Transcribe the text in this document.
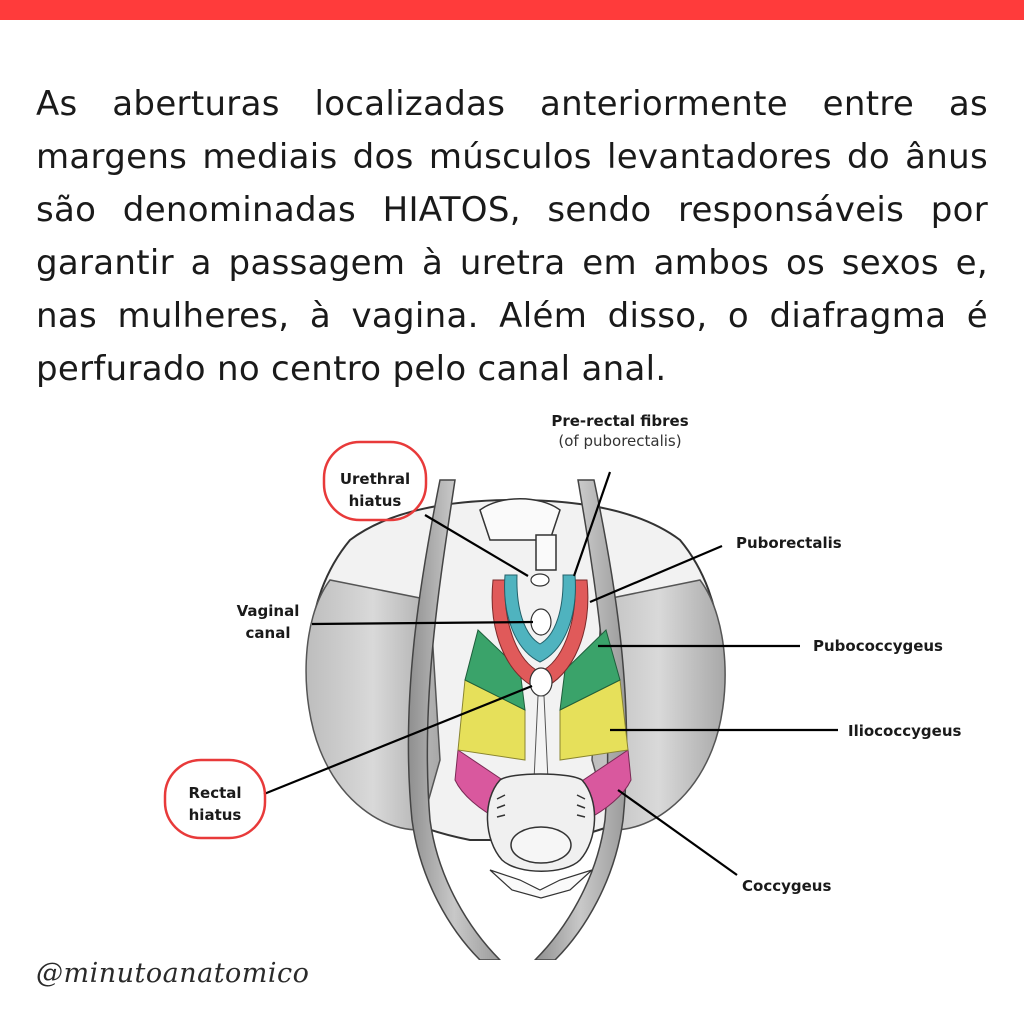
As aberturas localizadas anteriormente entre as margens mediais dos músculos levantadores do ânus são denominadas HIATOS, sendo responsáveis por garantir a passagem à uretra em ambos os sexos e, nas mulheres, à vagina. Além disso, o diafragma é perfurado no centro pelo canal anal.

Pre-rectal fibres
(of puborectalis)
Urethral
hiatus
Vaginal
canal
Rectal
hiatus
Puborectalis
Pubococcygeus
Iliococcygeus
Coccygeus
@minutoanatomico
